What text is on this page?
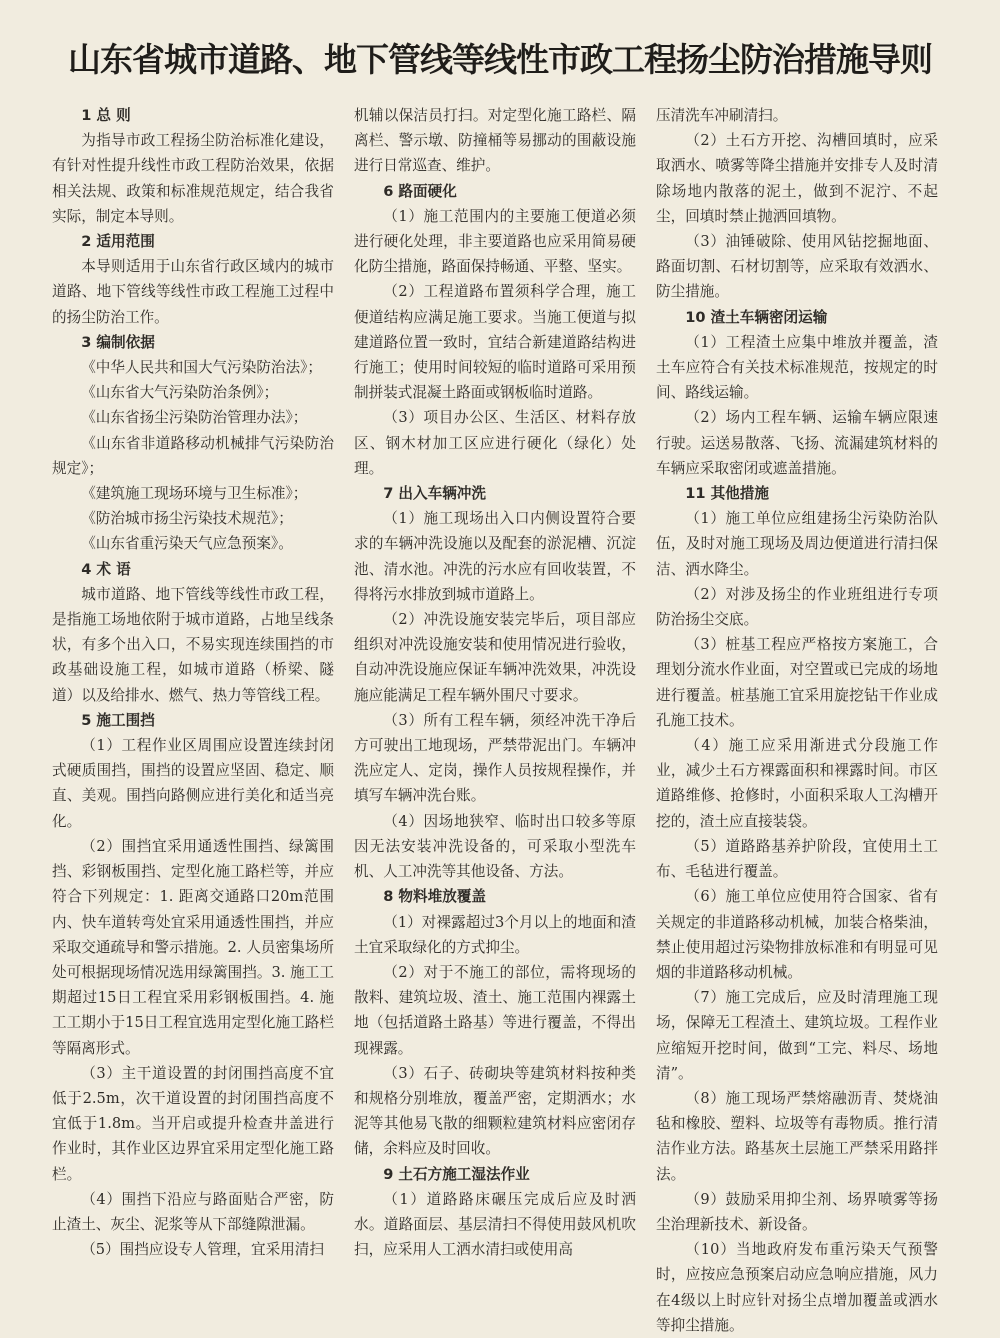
山东省城市道路、地下管线等线性市政工程扬尘防治措施导则
1 总 则

为指导市政工程扬尘防治标准化建设，有针对性提升线性市政工程防治效果，依据相关法规、政策和标准规范规定，结合我省实际，制定本导则。

2 适用范围

本导则适用于山东省行政区域内的城市道路、地下管线等线性市政工程施工过程中的扬尘防治工作。

3 编制依据

《中华人民共和国大气污染防治法》；

《山东省大气污染防治条例》；

《山东省扬尘污染防治管理办法》；

《山东省非道路移动机械排气污染防治规定》；

《建筑施工现场环境与卫生标准》；

《防治城市扬尘污染技术规范》；

《山东省重污染天气应急预案》。

4 术 语

城市道路、地下管线等线性市政工程，是指施工场地依附于城市道路，占地呈线条状，有多个出入口，不易实现连续围挡的市政基础设施工程，如城市道路（桥梁、隧道）以及给排水、燃气、热力等管线工程。

5 施工围挡

（1）工程作业区周围应设置连续封闭式硬质围挡，围挡的设置应坚固、稳定、顺直、美观。围挡向路侧应进行美化和适当亮化。

（2）围挡宜采用通透性围挡、绿篱围挡、彩钢板围挡、定型化施工路栏等，并应符合下列规定：1. 距离交通路口20m范围内、快车道转弯处宜采用通透性围挡，并应采取交通疏导和警示措施。2. 人员密集场所处可根据现场情况选用绿篱围挡。3. 施工工期超过15日工程宜采用彩钢板围挡。4. 施工工期小于15日工程宜选用定型化施工路栏等隔离形式。

（3）主干道设置的封闭围挡高度不宜低于2.5m，次干道设置的封闭围挡高度不宜低于1.8m。当开启或提升检查井盖进行作业时，其作业区边界宜采用定型化施工路栏。

（4）围挡下沿应与路面贴合严密，防止渣土、灰尘、泥浆等从下部缝隙泄漏。

（5）围挡应设专人管理，宜采用清扫

机辅以保洁员打扫。对定型化施工路栏、隔离栏、警示墩、防撞桶等易挪动的围蔽设施进行日常巡查、维护。

6 路面硬化

（1）施工范围内的主要施工便道必须进行硬化处理，非主要道路也应采用简易硬化防尘措施，路面保持畅通、平整、坚实。

（2）工程道路布置须科学合理，施工便道结构应满足施工要求。当施工便道与拟建道路位置一致时，宜结合新建道路结构进行施工；使用时间较短的临时道路可采用预制拼装式混凝土路面或钢板临时道路。

（3）项目办公区、生活区、材料存放区、钢木材加工区应进行硬化（绿化）处理。

7 出入车辆冲洗

（1）施工现场出入口内侧设置符合要求的车辆冲洗设施以及配套的淤泥槽、沉淀池、清水池。冲洗的污水应有回收装置，不得将污水排放到城市道路上。

（2）冲洗设施安装完毕后，项目部应组织对冲洗设施安装和使用情况进行验收，自动冲洗设施应保证车辆冲洗效果，冲洗设施应能满足工程车辆外围尺寸要求。

（3）所有工程车辆，须经冲洗干净后方可驶出工地现场，严禁带泥出门。车辆冲洗应定人、定岗，操作人员按规程操作，并填写车辆冲洗台账。

（4）因场地狭窄、临时出口较多等原因无法安装冲洗设备的，可采取小型洗车机、人工冲洗等其他设备、方法。

8 物料堆放覆盖

（1）对裸露超过3个月以上的地面和渣土宜采取绿化的方式抑尘。

（2）对于不施工的部位，需将现场的散料、建筑垃圾、渣土、施工范围内裸露土地（包括道路土路基）等进行覆盖，不得出现裸露。

（3）石子、砖砌块等建筑材料按种类和规格分别堆放，覆盖严密，定期洒水；水泥等其他易飞散的细颗粒建筑材料应密闭存储，余料应及时回收。

9 土石方施工湿法作业

（1）道路路床碾压完成后应及时洒水。道路面层、基层清扫不得使用鼓风机吹扫，应采用人工洒水清扫或使用高

压清洗车冲刷清扫。

（2）土石方开挖、沟槽回填时，应采取洒水、喷雾等降尘措施并安排专人及时清除场地内散落的泥土，做到不泥泞、不起尘，回填时禁止抛洒回填物。

（3）油锤破除、使用风钻挖掘地面、路面切割、石材切割等，应采取有效洒水、防尘措施。

10 渣土车辆密闭运输

（1）工程渣土应集中堆放并覆盖，渣土车应符合有关技术标准规范，按规定的时间、路线运输。

（2）场内工程车辆、运输车辆应限速行驶。运送易散落、飞扬、流漏建筑材料的车辆应采取密闭或遮盖措施。

11 其他措施

（1）施工单位应组建扬尘污染防治队伍，及时对施工现场及周边便道进行清扫保洁、洒水降尘。

（2）对涉及扬尘的作业班组进行专项防治扬尘交底。

（3）桩基工程应严格按方案施工，合理划分流水作业面，对空置或已完成的场地进行覆盖。桩基施工宜采用旋挖钻干作业成孔施工技术。

（4）施工应采用渐进式分段施工作业，减少土石方裸露面积和裸露时间。市区道路维修、抢修时，小面积采取人工沟槽开挖的，渣土应直接装袋。

（5）道路路基养护阶段，宜使用土工布、毛毡进行覆盖。

（6）施工单位应使用符合国家、省有关规定的非道路移动机械，加装合格柴油，禁止使用超过污染物排放标准和有明显可见烟的非道路移动机械。

（7）施工完成后，应及时清理施工现场，保障无工程渣土、建筑垃圾。工程作业应缩短开挖时间，做到“工完、料尽、场地清”。

（8）施工现场严禁熔融沥青、焚烧油毡和橡胶、塑料、垃圾等有毒物质。推行清洁作业方法。路基灰土层施工严禁采用路拌法。

（9）鼓励采用抑尘剂、场界喷雾等扬尘治理新技术、新设备。

（10）当地政府发布重污染天气预警时，应按应急预案启动应急响应措施，风力在4级以上时应针对扬尘点增加覆盖或洒水等抑尘措施。
